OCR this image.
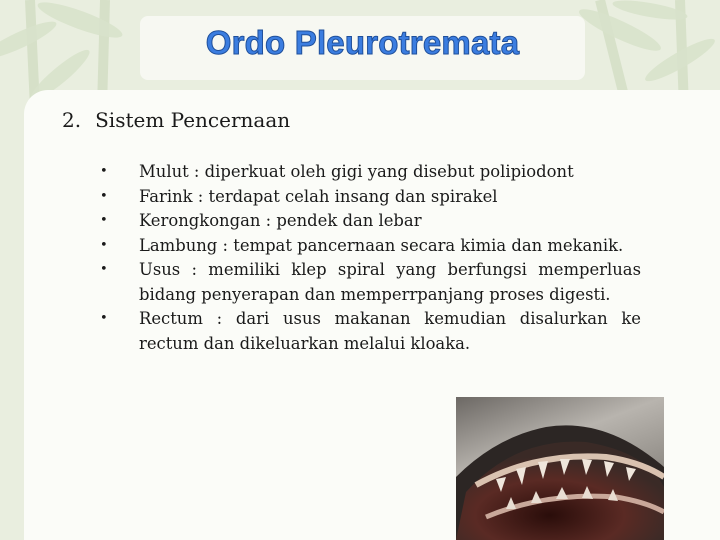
Ordo Pleurotremata
2. Sistem Pencernaan
•	Mulut : diperkuat oleh gigi yang disebut polipiodont
•	Farink : terdapat celah insang dan spirakel
•	Kerongkongan : pendek dan lebar
•	Lambung : tempat pancernaan secara kimia dan mekanik.
•	Usus : memiliki klep spiral yang berfungsi memperluas bidang penyerapan dan memperrpanjang proses digesti.
•	Rectum : dari usus makanan kemudian disalurkan ke rectum dan dikeluarkan melalui kloaka.
